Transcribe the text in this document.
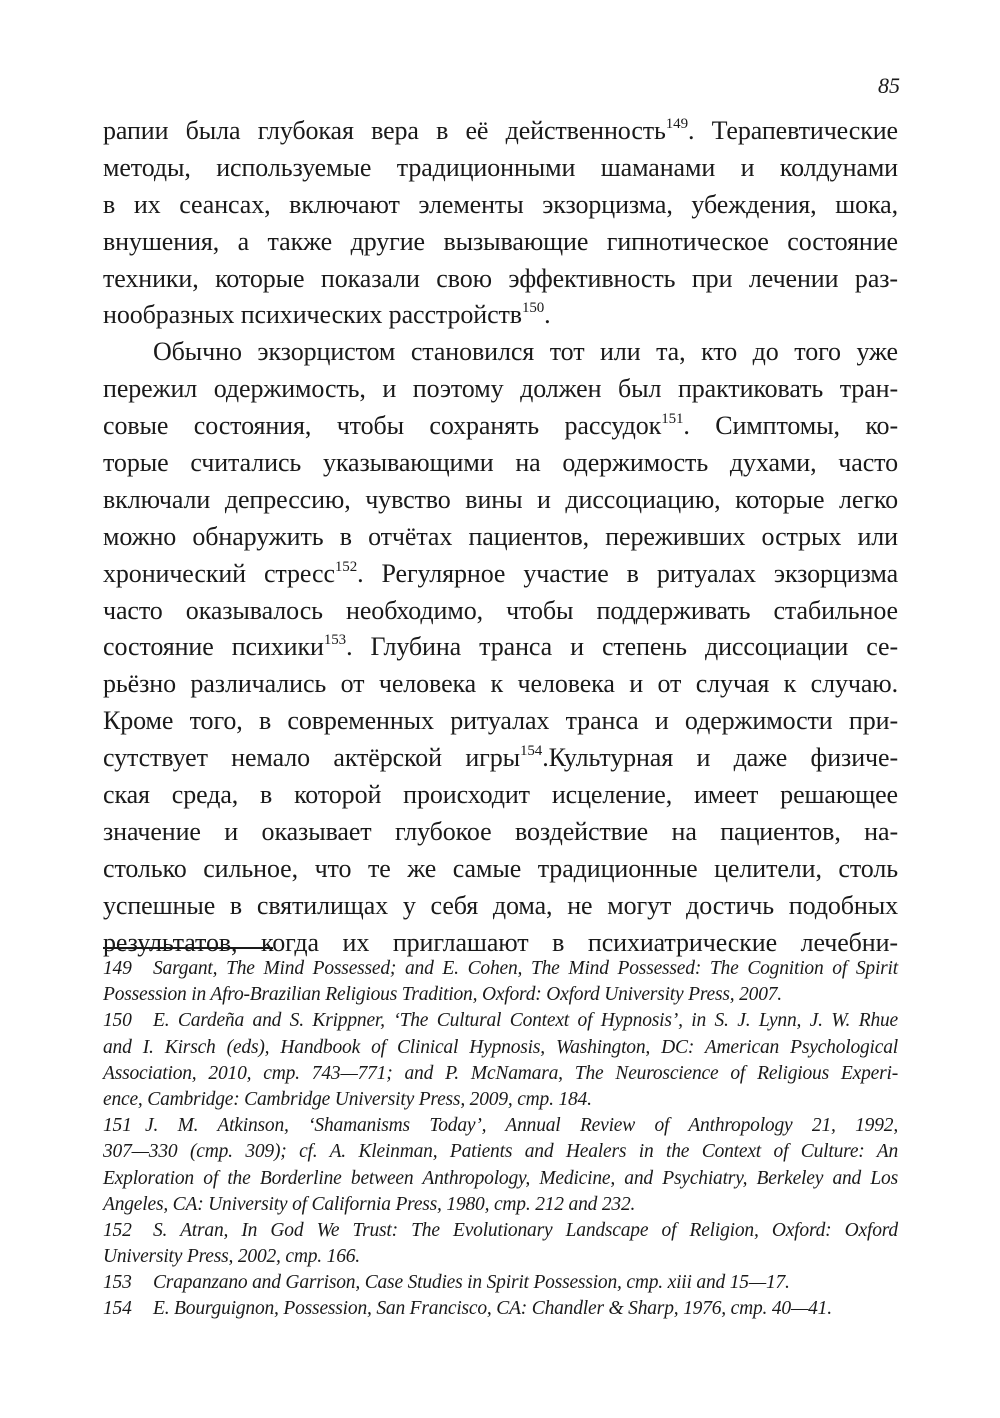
85
рапии была глубокая вера в её действенность$^{149}$. Терапевтические
методы, используемые традиционными шаманами и колдунами
в их сеансах, включают элементы экзорцизма, убеждения, шока,
внушения, а также другие вызывающие гипнотическое состояние
техники, которые показали свою эффективность при лечении раз-
нообразных психических расстройств$^{150}$.
Обычно экзорцистом становился тот или та, кто до того уже
пережил одержимость, и поэтому должен был практиковать тран-
совые состояния, чтобы сохранять рассудок$^{151}$. Симптомы, ко-
торые считались указывающими на одержимость духами, часто
включали депрессию, чувство вины и диссоциацию, которые легко
можно обнаружить в отчётах пациентов, переживших острых или
хронический стресс$^{152}$. Регулярное участие в ритуалах экзорцизма
часто оказывалось необходимо, чтобы поддерживать стабильное
состояние психики$^{153}$. Глубина транса и степень диссоциации се-
рьёзно различались от человека к человека и от случая к случаю.
Кроме того, в современных ритуалах транса и одержимости при-
сутствует немало актёрской игры$^{154}$.Культурная и даже физиче-
ская среда, в которой происходит исцеление, имеет решающее
значение и оказывает глубокое воздействие на пациентов, на-
столько сильное, что те же самые традиционные целители, столь
успешные в святилищах у себя дома, не могут достичь подобных
результатов, когда их приглашают в психиатрические лечебни-
149 Sargant, The Mind Possessed; and E. Cohen, The Mind Possessed: The Cognition of Spirit
Possession in Afro-Brazilian Religious Tradition, Oxford: Oxford University Press, 2007.
150 E. Cardeña and S. Krippner, ‘The Cultural Context of Hypnosis’, in S. J. Lynn, J. W. Rhue
and I. Kirsch (eds), Handbook of Clinical Hypnosis, Washington, DC: American Psychological
Association, 2010, стр. 743—771; and P. McNamara, The Neuroscience of Religious Experi-
ence, Cambridge: Cambridge University Press, 2009, стр. 184.
151 J. M. Atkinson, ‘Shamanisms Today’, Annual Review of Anthropology 21, 1992,
307—330 (стр. 309); cf. A. Kleinman, Patients and Healers in the Context of Culture: An
Exploration of the Borderline between Anthropology, Medicine, and Psychiatry, Berkeley and Los
Angeles, CA: University of California Press, 1980, стр. 212 and 232.
152 S. Atran, In God We Trust: The Evolutionary Landscape of Religion, Oxford: Oxford
University Press, 2002, стр. 166.
153 Crapanzano and Garrison, Case Studies in Spirit Possession, стр. xiii and 15—17.
154 E. Bourguignon, Possession, San Francisco, CA: Chandler & Sharp, 1976, стр. 40—41.
